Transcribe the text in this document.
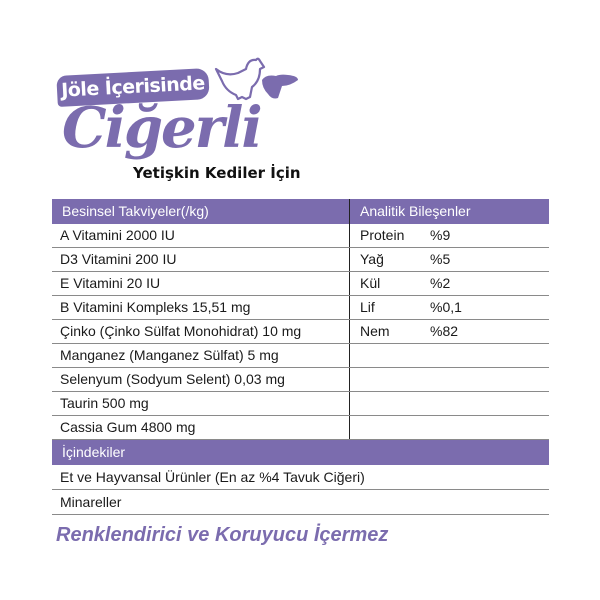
Jöle İçerisinde
Ciğerli
Yetişkin Kediler İçin
Besinsel Takviyeler(/kg)	Analitik Bileşenler
A Vitamini 2000 IU	Protein	%9
D3 Vitamini 200 IU	Yağ	%5
E Vitamini 20 IU	Kül	%2
B Vitamini Kompleks 15,51 mg	Lif	%0,1
Çinko (Çinko Sülfat Monohidrat) 10 mg	Nem	%82
Manganez (Manganez Sülfat) 5 mg
Selenyum (Sodyum Selent) 0,03 mg
Taurin 500 mg
Cassia Gum 4800 mg
İçindekiler
Et ve Hayvansal Ürünler (En az %4 Tavuk Ciğeri)
Minareller
Renklendirici ve Koruyucu İçermez
